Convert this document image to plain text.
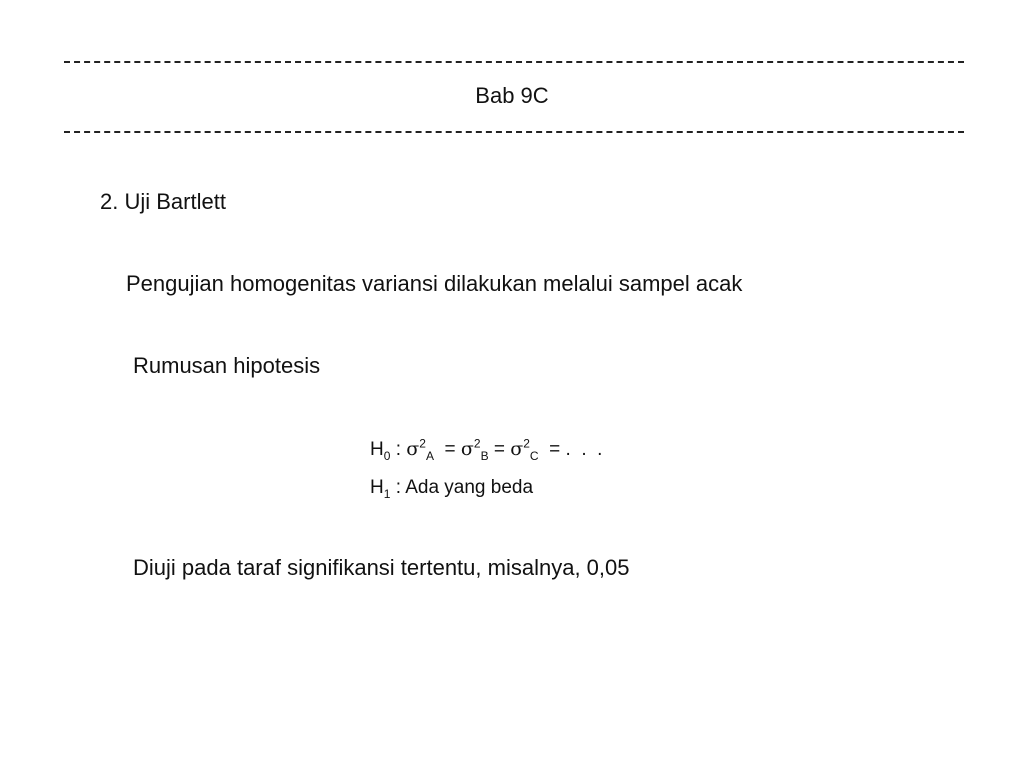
Bab 9C
2. Uji Bartlett
Pengujian homogenitas variansi dilakukan melalui sampel acak
Rumusan hipotesis
$H_0$ : $\sigma^2_A = \sigma^2_B = \sigma^2_C$  = .  .  .
$H_1$ : Ada yang beda
Diuji pada taraf signifikansi tertentu, misalnya, 0,05
